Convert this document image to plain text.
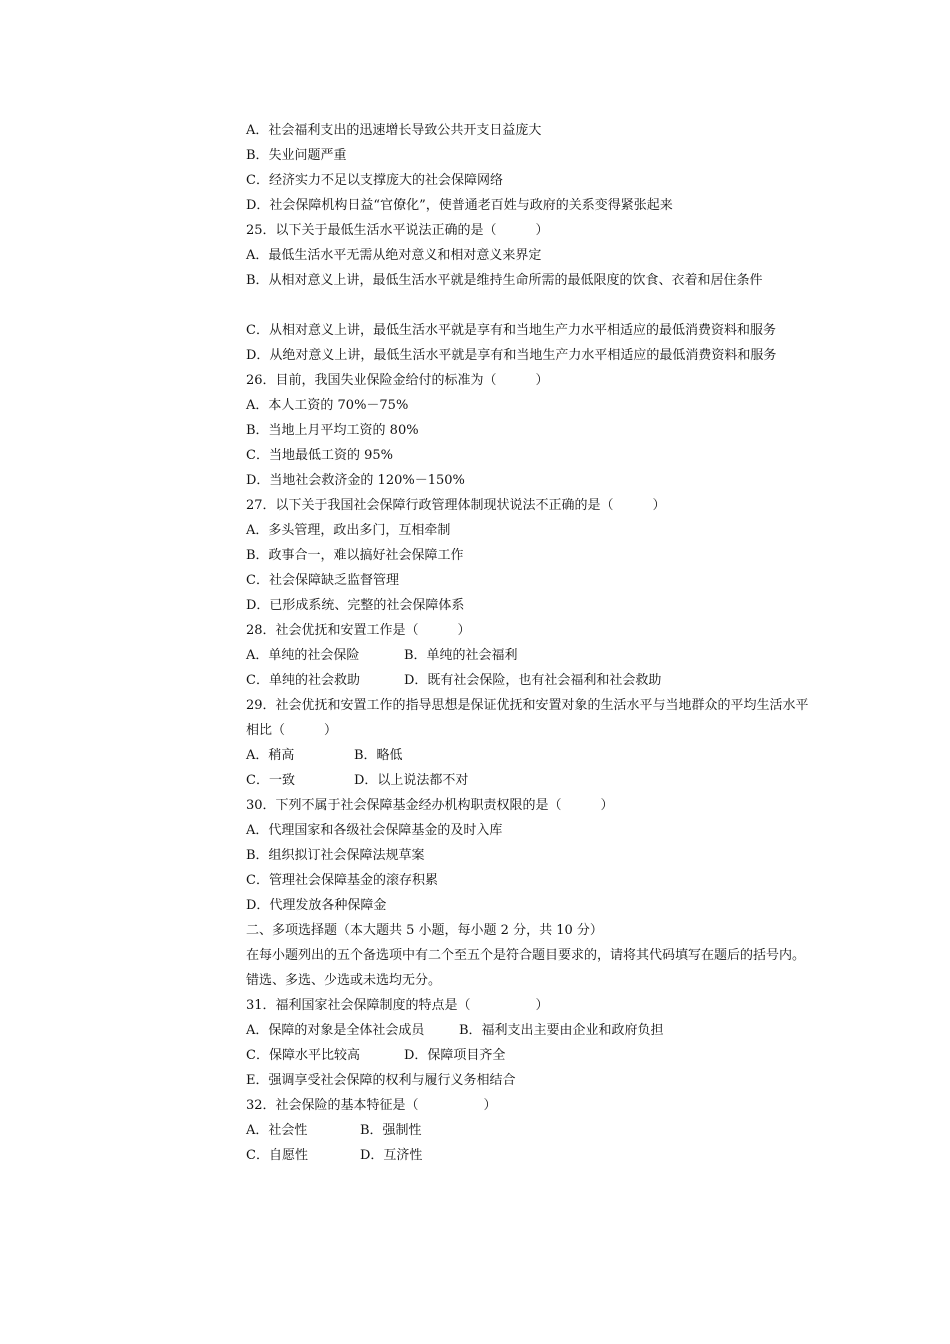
A．社会福利支出的迅速增长导致公共开支日益庞大
B．失业问题严重
C．经济实力不足以支撑庞大的社会保障网络
D．社会保障机构日益“官僚化”，使普通老百姓与政府的关系变得紧张起来
25．以下关于最低生活水平说法正确的是（　　　）
A．最低生活水平无需从绝对意义和相对意义来界定
B．从相对意义上讲，最低生活水平就是维持生命所需的最低限度的饮食、衣着和居住条件
C．从相对意义上讲，最低生活水平就是享有和当地生产力水平相适应的最低消费资料和服务
D．从绝对意义上讲，最低生活水平就是享有和当地生产力水平相适应的最低消费资料和服务
26．目前，我国失业保险金给付的标准为（　　　）
A．本人工资的 70%－75%
B．当地上月平均工资的 80%
C．当地最低工资的 95%
D．当地社会救济金的 120%－150%
27．以下关于我国社会保障行政管理体制现状说法不正确的是（　　　）
A．多头管理，政出多门，互相牵制
B．政事合一，难以搞好社会保障工作
C．社会保障缺乏监督管理
D．已形成系统、完整的社会保障体系
28．社会优抚和安置工作是（　　　）
A．单纯的社会保险	B．单纯的社会福利
C．单纯的社会救助	D．既有社会保险，也有社会福利和社会救助
29．社会优抚和安置工作的指导思想是保证优抚和安置对象的生活水平与当地群众的平均生活水平相比（　　　）
A．稍高	B．略低
C．一致	D．以上说法都不对
30．下列不属于社会保障基金经办机构职责权限的是（　　　）
A．代理国家和各级社会保障基金的及时入库
B．组织拟订社会保障法规草案
C．管理社会保障基金的滚存积累
D．代理发放各种保障金
二、多项选择题（本大题共 5 小题，每小题 2 分，共 10 分）
在每小题列出的五个备选项中有二个至五个是符合题目要求的，请将其代码填写在题后的括号内。错选、多选、少选或未选均无分。
31．福利国家社会保障制度的特点是（　　　　　）
A．保障的对象是全体社会成员	B．福利支出主要由企业和政府负担
C．保障水平比较高	D．保障项目齐全
E．强调享受社会保障的权利与履行义务相结合
32．社会保险的基本特征是（　　　　　）
A．社会性	B．强制性
C．自愿性	D．互济性
